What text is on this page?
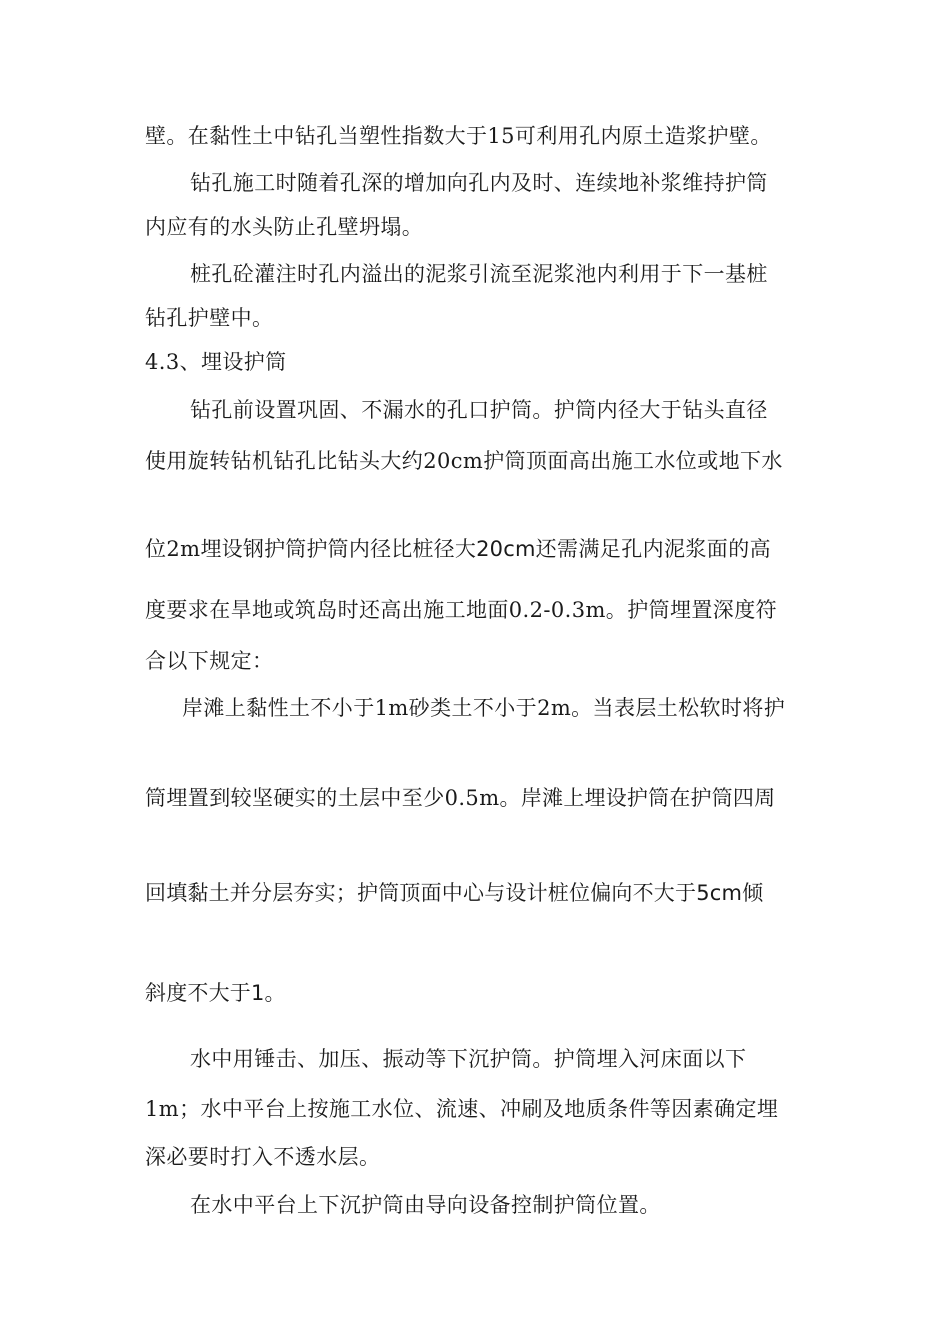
壁。在黏性土中钻孔当塑性指数大于15可利用孔内原土造浆护壁。
钻孔施工时随着孔深的增加向孔内及时、连续地补浆维持护筒
内应有的水头防止孔壁坍塌。
桩孔砼灌注时孔内溢出的泥浆引流至泥浆池内利用于下一基桩
钻孔护壁中。
4.3、埋设护筒
钻孔前设置巩固、不漏水的孔口护筒。护筒内径大于钻头直径
使用旋转钻机钻孔比钻头大约20cm护筒顶面高出施工水位或地下水
位2m埋设钢护筒护筒内径比桩径大20cm还需满足孔内泥浆面的高
度要求在旱地或筑岛时还高出施工地面0.2-0.3m。护筒埋置深度符
合以下规定：
岸滩上黏性土不小于1m砂类土不小于2m。当表层土松软时将护
筒埋置到较坚硬实的土层中至少0.5m。岸滩上埋设护筒在护筒四周
回填黏土并分层夯实；护筒顶面中心与设计桩位偏向不大于5cm倾
斜度不大于1。
水中用锤击、加压、振动等下沉护筒。护筒埋入河床面以下
1m；水中平台上按施工水位、流速、冲刷及地质条件等因素确定埋
深必要时打入不透水层。
在水中平台上下沉护筒由导向设备控制护筒位置。
